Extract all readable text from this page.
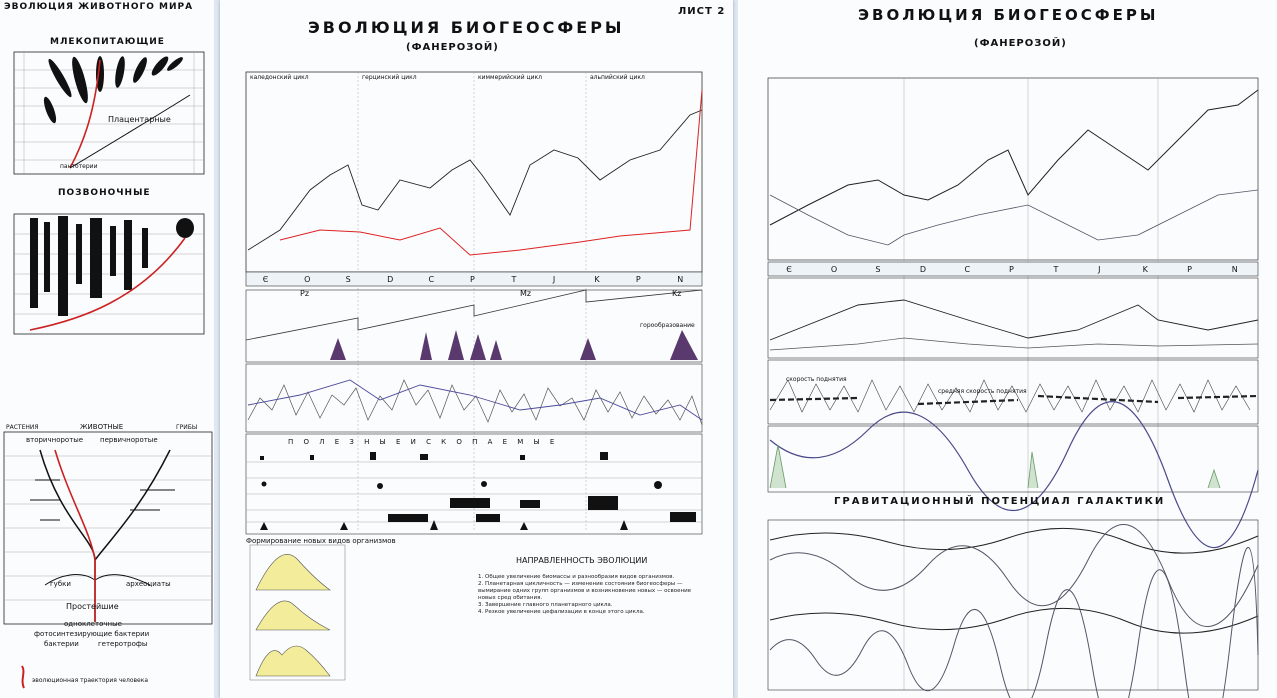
ЭВОЛЮЦИЯ ЖИВОТНОГО МИРА
МЛЕКОПИТАЮЩИЕ
Плацентарные
пантотерии
ПОЗВОНОЧНЫЕ
РАСТЕНИЯ	ЖИВОТНЫЕ	ГРИБЫ
вторичноротые первичноротые
губки	археоциаты
Простейшие
одноклеточные
фотосинтезирующие бактерии
бактерии	гетеротрофы
эволюционная траектория человека
ЭВОЛЮЦИЯ БИОГЕОСФЕРЫ
(ФАНЕРОЗОЙ)
ЛИСТ 2
каледонский цикл	герцинский цикл	киммерийский цикл	альпийский цикл
Є	O	S	D	C	P	T	J	K	P	N
Pz	Mz	Kz
горообразование
П О Л Е З Н Ы Е И С К О П А Е М Ы Е
Формирование новых видов организмов
НАПРАВЛЕННОСТЬ ЭВОЛЮЦИИ
1. Общее увеличение биомассы и разнообразия видов организмов.
2. Планетарная цикличность — изменение состояния биогеосферы — вымирание одних групп организмов и возникновение новых — освоение новых сред обитания.
3. Завершение главного планетарного цикла.
4. Резкое увеличение цефализации в конце этого цикла.
ЭВОЛЮЦИЯ БИОГЕОСФЕРЫ
(ФАНЕРОЗОЙ)
Є	O	S	D	C	P	T	J	K	P	N
скорость поднятия
средняя скорость поднятия
ГРАВИТАЦИОННЫЙ ПОТЕНЦИАЛ ГАЛАКТИКИ
